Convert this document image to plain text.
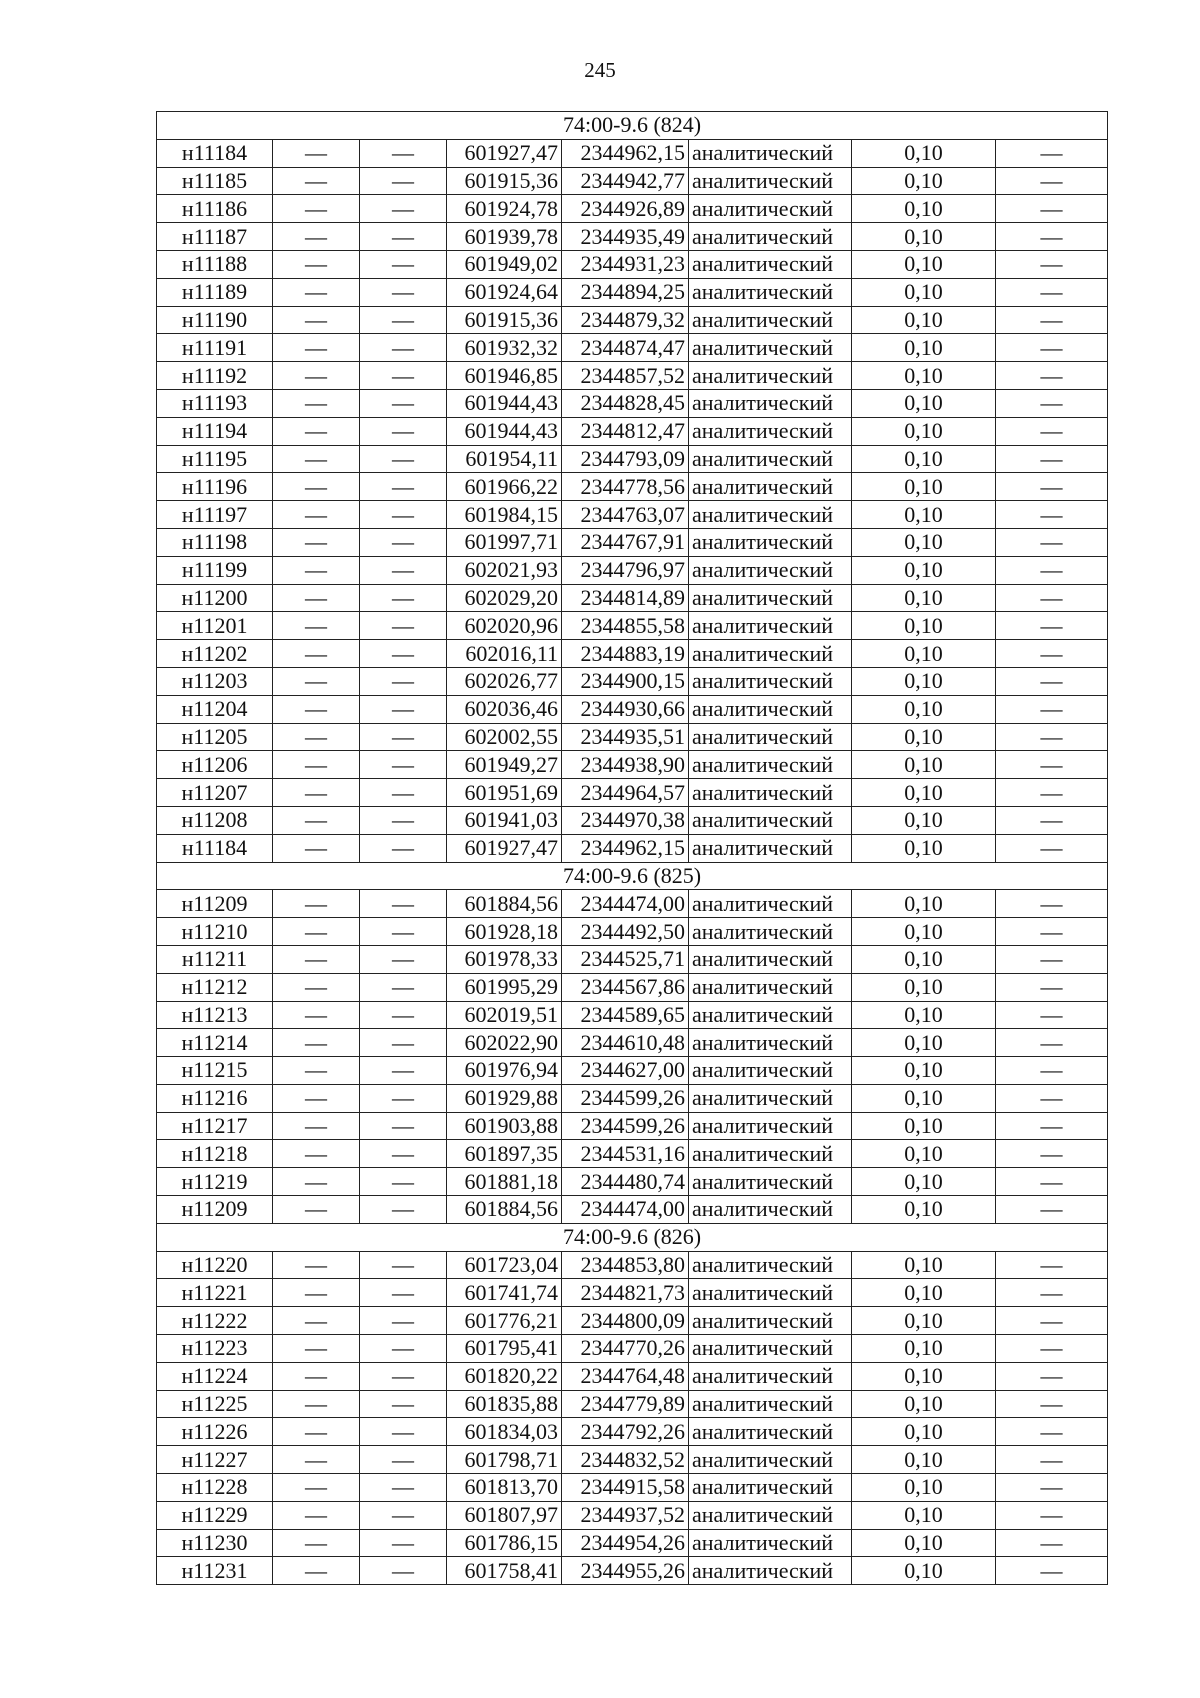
245
74:00-9.6 (824)							
н11184	—	—	601927,47	2344962,15	аналитический	0,10	—
н11185	—	—	601915,36	2344942,77	аналитический	0,10	—
н11186	—	—	601924,78	2344926,89	аналитический	0,10	—
н11187	—	—	601939,78	2344935,49	аналитический	0,10	—
н11188	—	—	601949,02	2344931,23	аналитический	0,10	—
н11189	—	—	601924,64	2344894,25	аналитический	0,10	—
н11190	—	—	601915,36	2344879,32	аналитический	0,10	—
н11191	—	—	601932,32	2344874,47	аналитический	0,10	—
н11192	—	—	601946,85	2344857,52	аналитический	0,10	—
н11193	—	—	601944,43	2344828,45	аналитический	0,10	—
н11194	—	—	601944,43	2344812,47	аналитический	0,10	—
н11195	—	—	601954,11	2344793,09	аналитический	0,10	—
н11196	—	—	601966,22	2344778,56	аналитический	0,10	—
н11197	—	—	601984,15	2344763,07	аналитический	0,10	—
н11198	—	—	601997,71	2344767,91	аналитический	0,10	—
н11199	—	—	602021,93	2344796,97	аналитический	0,10	—
н11200	—	—	602029,20	2344814,89	аналитический	0,10	—
н11201	—	—	602020,96	2344855,58	аналитический	0,10	—
н11202	—	—	602016,11	2344883,19	аналитический	0,10	—
н11203	—	—	602026,77	2344900,15	аналитический	0,10	—
н11204	—	—	602036,46	2344930,66	аналитический	0,10	—
н11205	—	—	602002,55	2344935,51	аналитический	0,10	—
н11206	—	—	601949,27	2344938,90	аналитический	0,10	—
н11207	—	—	601951,69	2344964,57	аналитический	0,10	—
н11208	—	—	601941,03	2344970,38	аналитический	0,10	—
н11184	—	—	601927,47	2344962,15	аналитический	0,10	—
74:00-9.6 (825)							
н11209	—	—	601884,56	2344474,00	аналитический	0,10	—
н11210	—	—	601928,18	2344492,50	аналитический	0,10	—
н11211	—	—	601978,33	2344525,71	аналитический	0,10	—
н11212	—	—	601995,29	2344567,86	аналитический	0,10	—
н11213	—	—	602019,51	2344589,65	аналитический	0,10	—
н11214	—	—	602022,90	2344610,48	аналитический	0,10	—
н11215	—	—	601976,94	2344627,00	аналитический	0,10	—
н11216	—	—	601929,88	2344599,26	аналитический	0,10	—
н11217	—	—	601903,88	2344599,26	аналитический	0,10	—
н11218	—	—	601897,35	2344531,16	аналитический	0,10	—
н11219	—	—	601881,18	2344480,74	аналитический	0,10	—
н11209	—	—	601884,56	2344474,00	аналитический	0,10	—
74:00-9.6 (826)							
н11220	—	—	601723,04	2344853,80	аналитический	0,10	—
н11221	—	—	601741,74	2344821,73	аналитический	0,10	—
н11222	—	—	601776,21	2344800,09	аналитический	0,10	—
н11223	—	—	601795,41	2344770,26	аналитический	0,10	—
н11224	—	—	601820,22	2344764,48	аналитический	0,10	—
н11225	—	—	601835,88	2344779,89	аналитический	0,10	—
н11226	—	—	601834,03	2344792,26	аналитический	0,10	—
н11227	—	—	601798,71	2344832,52	аналитический	0,10	—
н11228	—	—	601813,70	2344915,58	аналитический	0,10	—
н11229	—	—	601807,97	2344937,52	аналитический	0,10	—
н11230	—	—	601786,15	2344954,26	аналитический	0,10	—
н11231	—	—	601758,41	2344955,26	аналитический	0,10	—
